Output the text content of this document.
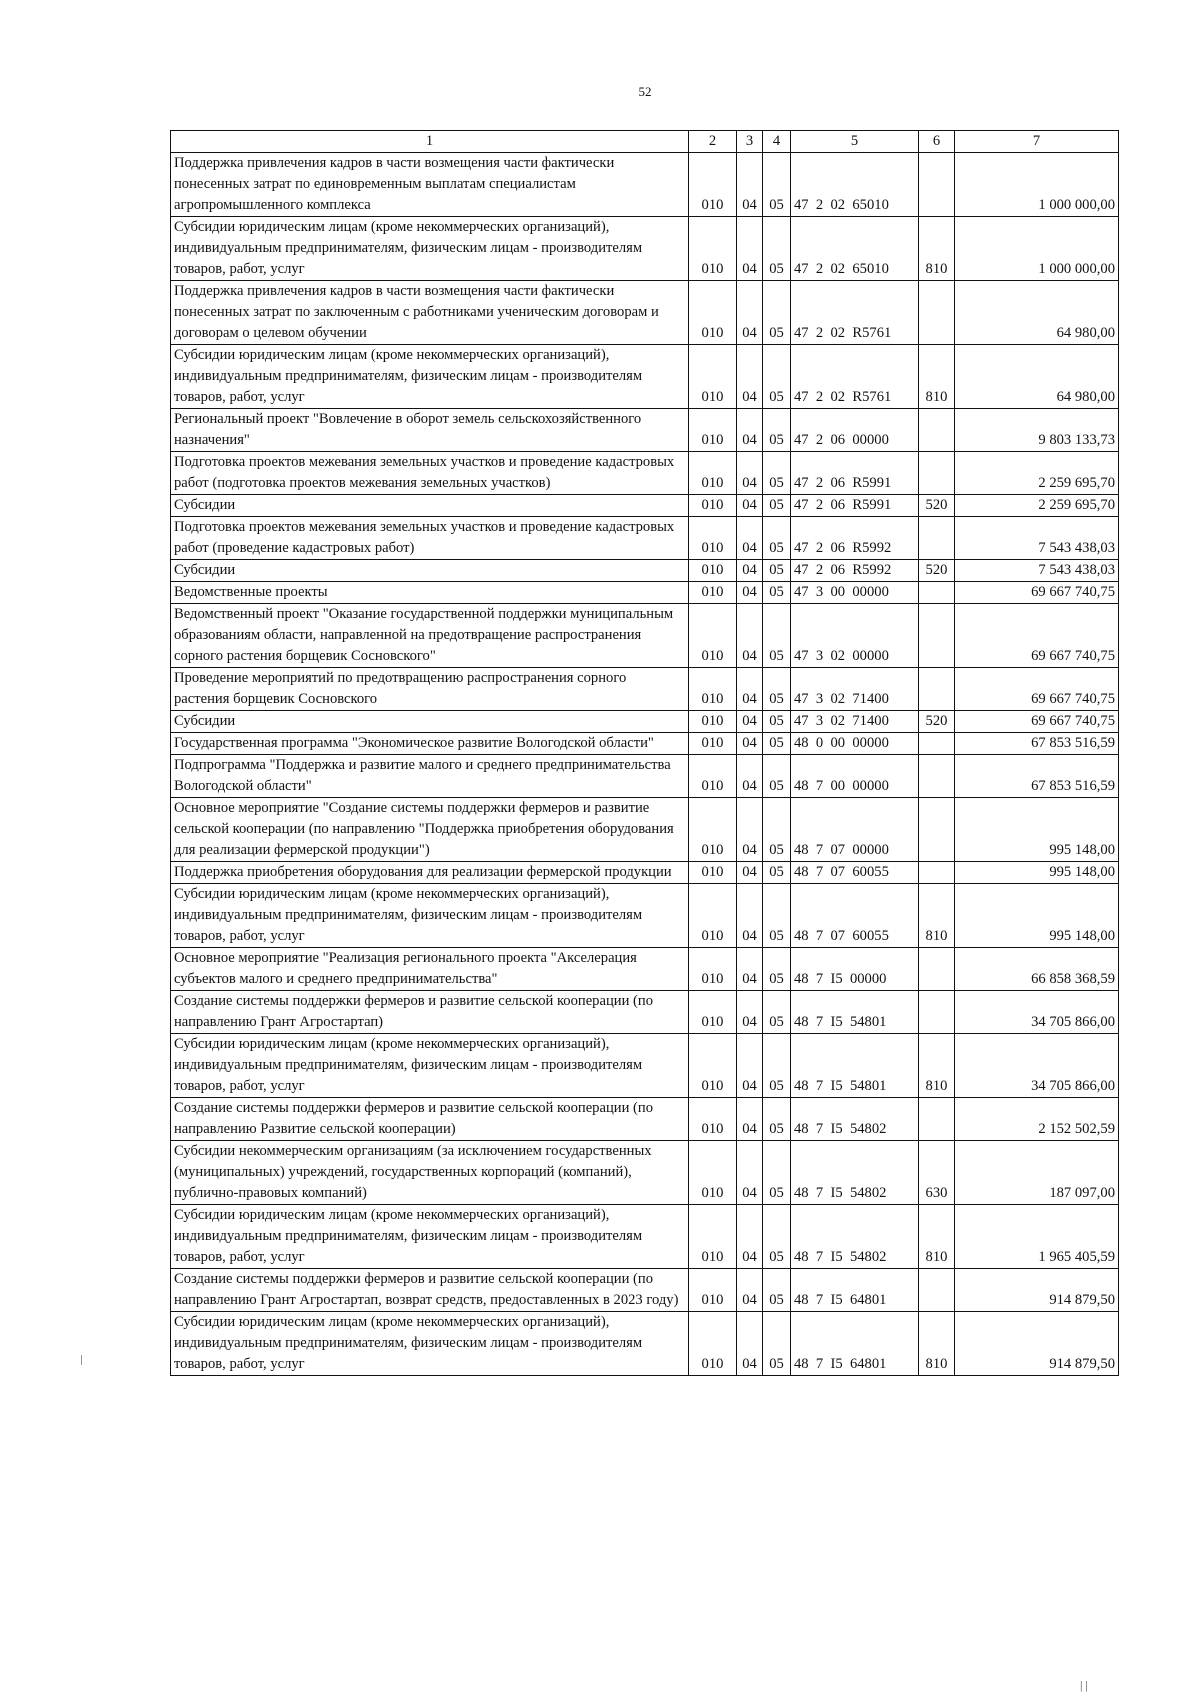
52
1	2	3	4	5	6	7
Поддержка привлечения кадров в части возмещения части фактически понесенных затрат по единовременным выплатам специалистам агропромышленного комплекса	010	04	05	47  2  02  65010		1 000 000,00
Субсидии юридическим лицам (кроме некоммерческих организаций), индивидуальным предпринимателям, физическим лицам - производителям товаров, работ, услуг	010	04	05	47  2  02  65010	810	1 000 000,00
Поддержка привлечения кадров в части возмещения части фактически понесенных затрат по заключенным с работниками ученическим договорам и договорам о целевом обучении	010	04	05	47  2  02  R5761		64 980,00
Субсидии юридическим лицам (кроме некоммерческих организаций), индивидуальным предпринимателям, физическим лицам - производителям товаров, работ, услуг	010	04	05	47  2  02  R5761	810	64 980,00
Региональный проект "Вовлечение в оборот земель сельскохозяйственного назначения"	010	04	05	47  2  06  00000		9 803 133,73
Подготовка проектов межевания земельных участков и проведение кадастровых работ (подготовка проектов межевания земельных участков)	010	04	05	47  2  06  R5991		2 259 695,70
Субсидии	010	04	05	47  2  06  R5991	520	2 259 695,70
Подготовка проектов межевания земельных участков и проведение кадастровых работ (проведение кадастровых работ)	010	04	05	47  2  06  R5992		7 543 438,03
Субсидии	010	04	05	47  2  06  R5992	520	7 543 438,03
Ведомственные проекты	010	04	05	47  3  00  00000		69 667 740,75
Ведомственный проект "Оказание государственной поддержки муниципальным образованиям области, направленной на предотвращение распространения сорного растения борщевик Сосновского"	010	04	05	47  3  02  00000		69 667 740,75
Проведение мероприятий по предотвращению распространения сорного растения борщевик Сосновского	010	04	05	47  3  02  71400		69 667 740,75
Субсидии	010	04	05	47  3  02  71400	520	69 667 740,75
Государственная программа "Экономическое развитие Вологодской области"	010	04	05	48  0  00  00000		67 853 516,59
Подпрограмма "Поддержка и развитие малого и среднего предпринимательства Вологодской области"	010	04	05	48  7  00  00000		67 853 516,59
Основное мероприятие "Создание системы поддержки фермеров и развитие сельской кооперации (по направлению "Поддержка приобретения оборудования для реализации фермерской продукции")	010	04	05	48  7  07  00000		995 148,00
Поддержка приобретения оборудования для реализации фермерской продукции	010	04	05	48  7  07  60055		995 148,00
Субсидии юридическим лицам (кроме некоммерческих организаций), индивидуальным предпринимателям, физическим лицам - производителям товаров, работ, услуг	010	04	05	48  7  07  60055	810	995 148,00
Основное мероприятие "Реализация регионального проекта "Акселерация субъектов малого и среднего предпринимательства"	010	04	05	48  7  I5  00000		66 858 368,59
Создание системы поддержки фермеров и развитие сельской кооперации (по направлению Грант Агростартап)	010	04	05	48  7  I5  54801		34 705 866,00
Субсидии юридическим лицам (кроме некоммерческих организаций), индивидуальным предпринимателям, физическим лицам - производителям товаров, работ, услуг	010	04	05	48  7  I5  54801	810	34 705 866,00
Создание системы поддержки фермеров и развитие сельской кооперации (по направлению Развитие сельской кооперации)	010	04	05	48  7  I5  54802		2 152 502,59
Субсидии некоммерческим организациям (за исключением государственных (муниципальных) учреждений, государственных корпораций (компаний), публично-правовых компаний)	010	04	05	48  7  I5  54802	630	187 097,00
Субсидии юридическим лицам (кроме некоммерческих организаций), индивидуальным предпринимателям, физическим лицам - производителям товаров, работ, услуг	010	04	05	48  7  I5  54802	810	1 965 405,59
Создание системы поддержки фермеров и развитие сельской кооперации (по направлению Грант Агростартап, возврат средств, предоставленных в 2023 году)	010	04	05	48  7  I5  64801		914 879,50
Субсидии юридическим лицам (кроме некоммерческих организаций), индивидуальным предпринимателям, физическим лицам - производителям товаров, работ, услуг	010	04	05	48  7  I5  64801	810	914 879,50
| |
